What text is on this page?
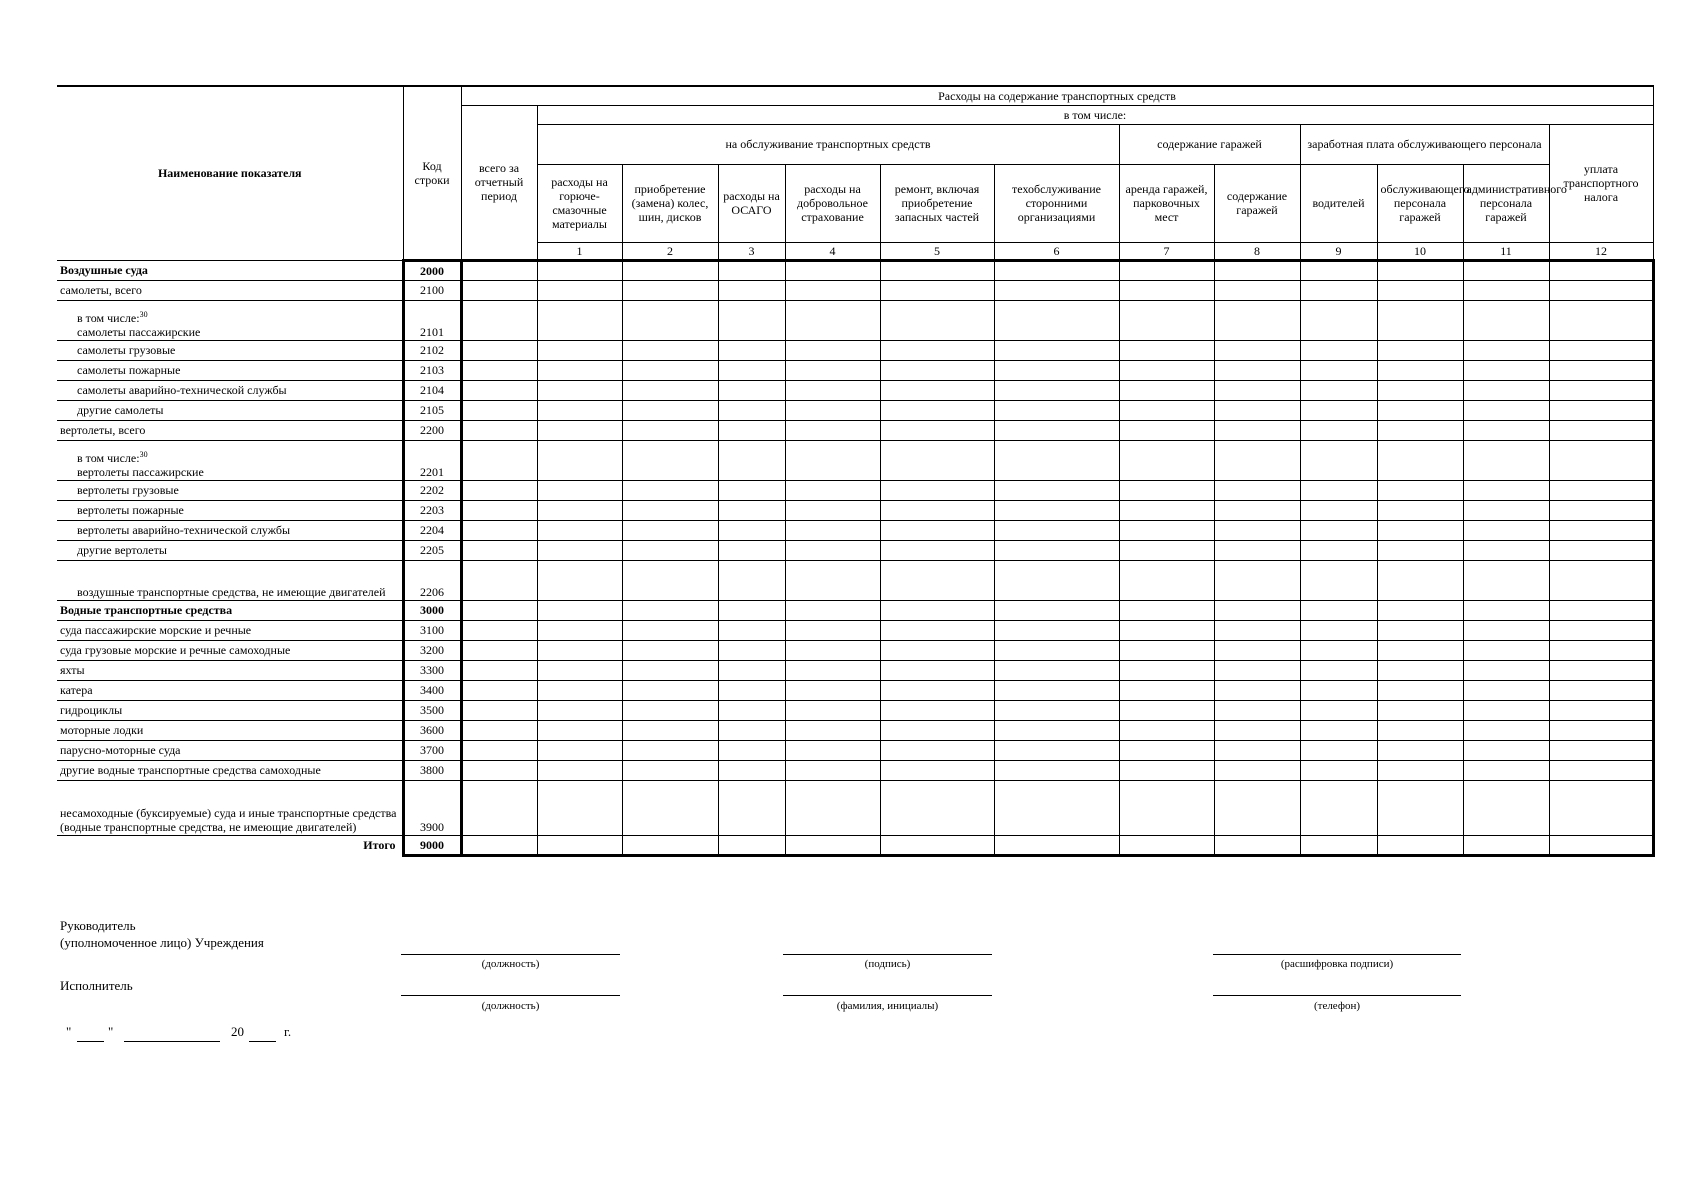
Наименование показателя	Код строки	Расходы на содержание транспортных средств													
		всего за отчетный период	в том числе:												
			на обслуживание транспортных средств						содержание гаражей		заработная плата обслуживающего персонала			уплата транспортного налога	
			расходы на горюче-смазочные материалы	приобретение (замена) колес, шин, дисков	расходы на ОСАГО	расходы на добровольное страхование	ремонт, включая приобретение запасных частей	техобслуживание сторонними организациями	аренда гаражей, парковочных мест	содержание гаражей	водителей	обслуживающего персонала гаражей	административного персонала гаражей		
			1	2	3	4	5	6	7	8	9	10	11	12			
Воздушные суда	2000														
самолеты, всего	2100														

в том числе:$^{30}$
самолеты пассажирские	2101														
самолеты грузовые	2102														
самолеты пожарные	2103														
самолеты аварийно-технической службы	2104														
другие самолеты	2105														
вертолеты, всего	2200														

в том числе:$^{30}$
вертолеты пассажирские	2201														
вертолеты грузовые	2202														
вертолеты пожарные	2203														
вертолеты аварийно-технической службы	2204														
другие вертолеты	2205														
воздушные транспортные средства, не имеющие двигателей	2206														
Водные транспортные средства	3000														
суда пассажирские морские и речные	3100														
суда грузовые морские и речные самоходные	3200														
яхты	3300														
катера	3400														
гидроциклы	3500														
моторные лодки	3600														
парусно-моторные суда	3700														
другие водные транспортные средства самоходные	3800														
несамоходные (буксируемые) суда и иные транспортные средства (водные транспортные средства, не имеющие двигателей)	3900														
Итого	9000														
Руководитель
(уполномоченное лицо) Учреждения
(должность)	(подпись)	(расшифровка подписи)
Исполнитель
(должность)	(фамилия, инициалы)	(телефон)
"	"	20	г.
